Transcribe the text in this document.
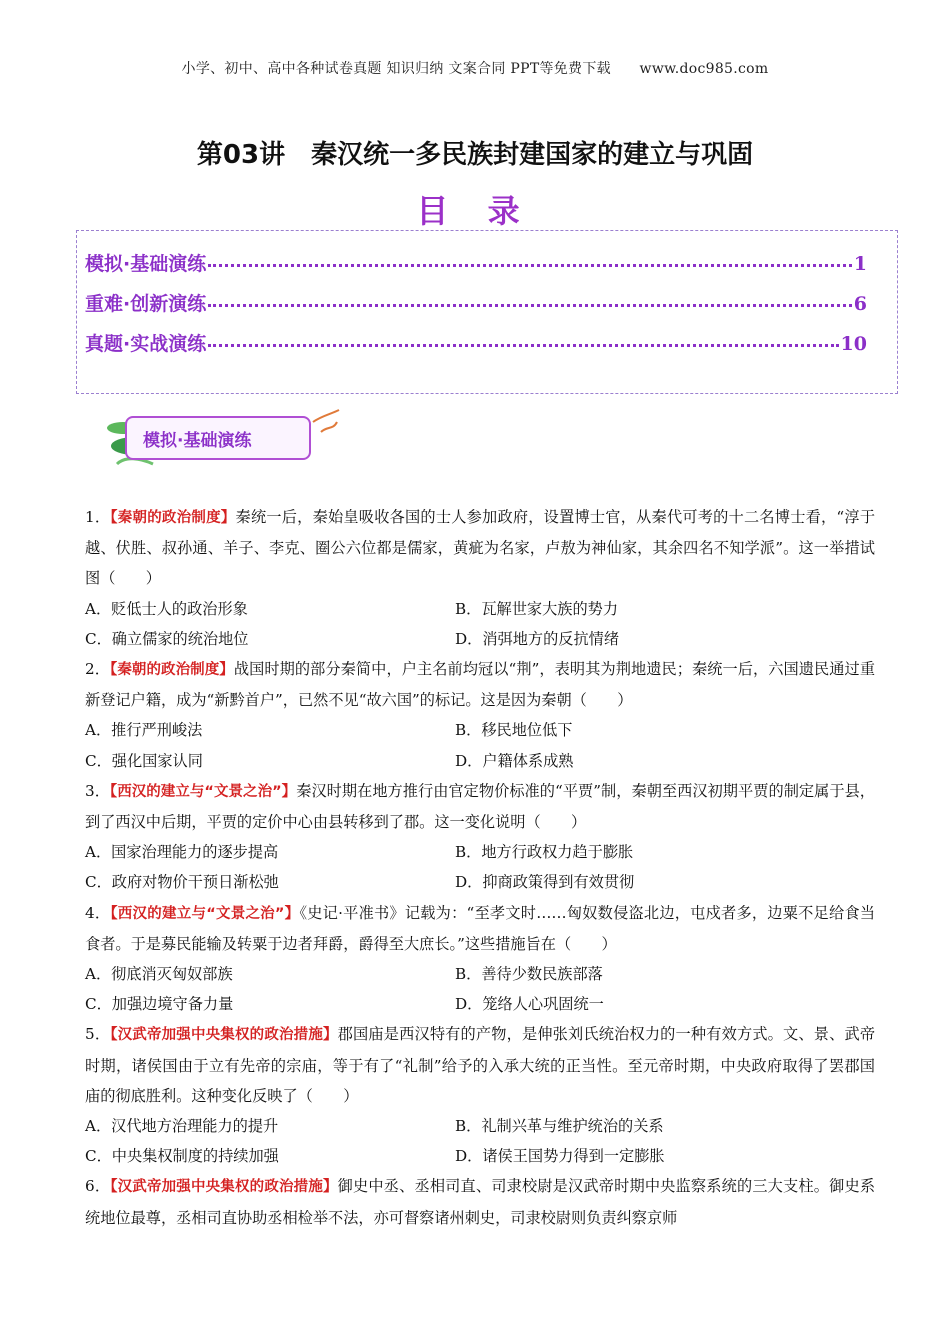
小学、初中、高中各种试卷真题 知识归纳 文案合同 PPT等免费下载　　www.doc985.com
第03讲　秦汉统一多民族封建国家的建立与巩固
目 录
模拟·基础演练	1
重难·创新演练	6
真题·实战演练	10
模拟·基础演练

1．【秦朝的政治制度】秦统一后，秦始皇吸收各国的士人参加政府，设置博士官，从秦代可考的十二名博士看，“淳于越、伏胜、叔孙通、羊子、李克、圈公六位都是儒家，黄疵为名家，卢敖为神仙家，其余四名不知学派”。这一举措试图（　　）

A．贬低士人的政治形象	B．瓦解世家大族的势力
C．确立儒家的统治地位	D．消弭地方的反抗情绪

2．【秦朝的政治制度】战国时期的部分秦简中，户主名前均冠以“荆”，表明其为荆地遗民；秦统一后，六国遗民通过重新登记户籍，成为“新黔首户”，已然不见“故六国”的标记。这是因为秦朝（　　）

A．推行严刑峻法	B．移民地位低下
C．强化国家认同	D．户籍体系成熟

3．【西汉的建立与“文景之治”】秦汉时期在地方推行由官定物价标准的“平贾”制，秦朝至西汉初期平贾的制定属于县，到了西汉中后期，平贾的定价中心由县转移到了郡。这一变化说明（　　）

A．国家治理能力的逐步提高	B．地方行政权力趋于膨胀
C．政府对物价干预日渐松弛	D．抑商政策得到有效贯彻

4．【西汉的建立与“文景之治”】《史记·平准书》记载为：“至孝文时……匈奴数侵盗北边，屯戍者多，边粟不足给食当食者。于是募民能输及转粟于边者拜爵，爵得至大庶长。”这些措施旨在（　　）

A．彻底消灭匈奴部族	B．善待少数民族部落
C．加强边境守备力量	D．笼络人心巩固统一

5．【汉武帝加强中央集权的政治措施】郡国庙是西汉特有的产物，是伸张刘氏统治权力的一种有效方式。文、景、武帝时期，诸侯国由于立有先帝的宗庙，等于有了“礼制”给予的入承大统的正当性。至元帝时期，中央政府取得了罢郡国庙的彻底胜利。这种变化反映了（　　）

A．汉代地方治理能力的提升	B．礼制兴革与维护统治的关系
C．中央集权制度的持续加强	D．诸侯王国势力得到一定膨胀

6．【汉武帝加强中央集权的政治措施】御史中丞、丞相司直、司隶校尉是汉武帝时期中央监察系统的三大支柱。御史系统地位最尊，丞相司直协助丞相检举不法，亦可督察诸州刺史，司隶校尉则负责纠察京师
